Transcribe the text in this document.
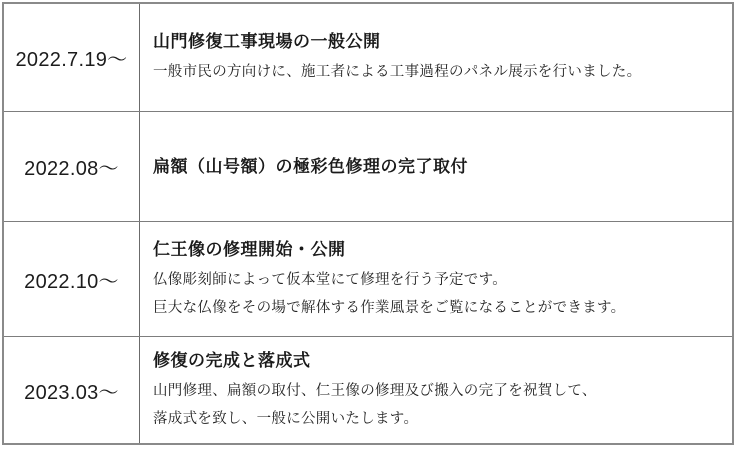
2022.7.19～
山門修復工事現場の一般公開
一般市民の方向けに、施工者による工事過程のパネル展示を行いました。
2022.08～	扁額（山号額）の極彩色修理の完了取付
2022.10～
仁王像の修理開始・公開
仏像彫刻師によって仮本堂にて修理を行う予定です。
巨大な仏像をその場で解体する作業風景をご覧になることができます。
2023.03～
修復の完成と落成式
山門修理、扁額の取付、仁王像の修理及び搬入の完了を祝賀して、
落成式を致し、一般に公開いたします。
